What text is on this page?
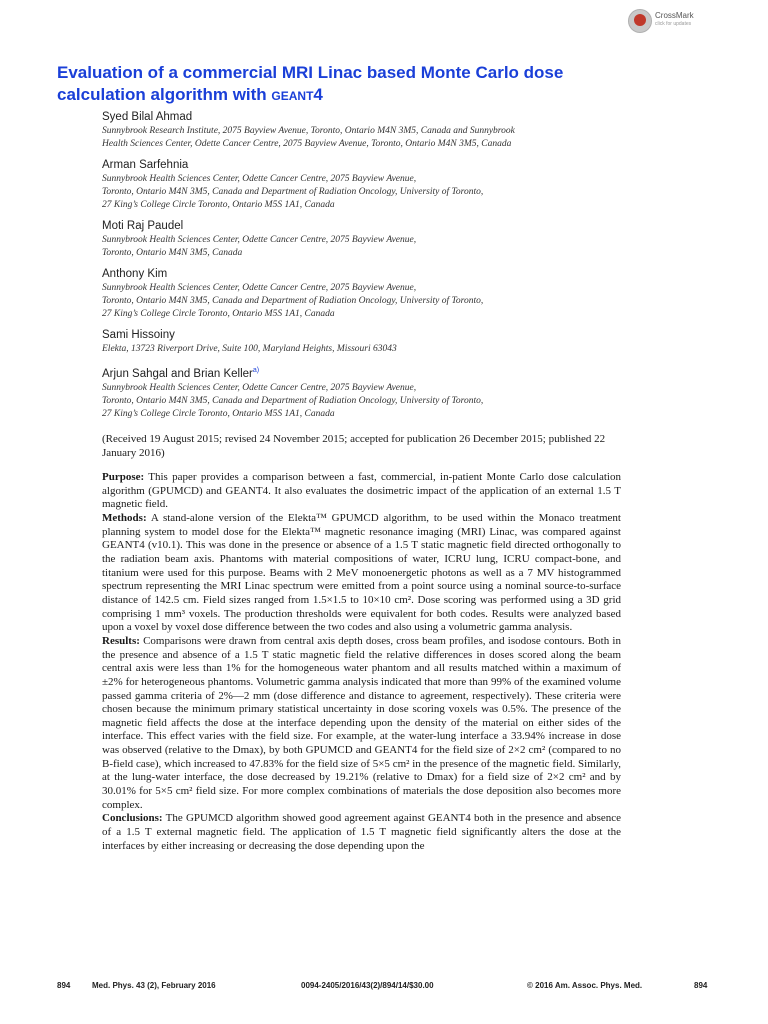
CrossMark
click for updates
Evaluation of a commercial MRI Linac based Monte Carlo dose
calculation algorithm with geant4
Syed Bilal Ahmad
Sunnybrook Research Institute, 2075 Bayview Avenue, Toronto, Ontario M4N 3M5, Canada and Sunnybrook
Health Sciences Center, Odette Cancer Centre, 2075 Bayview Avenue, Toronto, Ontario M4N 3M5, Canada
Arman Sarfehnia
Sunnybrook Health Sciences Center, Odette Cancer Centre, 2075 Bayview Avenue,
Toronto, Ontario M4N 3M5, Canada and Department of Radiation Oncology, University of Toronto,
27 King’s College Circle Toronto, Ontario M5S 1A1, Canada
Moti Raj Paudel
Sunnybrook Health Sciences Center, Odette Cancer Centre, 2075 Bayview Avenue,
Toronto, Ontario M4N 3M5, Canada
Anthony Kim
Sunnybrook Health Sciences Center, Odette Cancer Centre, 2075 Bayview Avenue,
Toronto, Ontario M4N 3M5, Canada and Department of Radiation Oncology, University of Toronto,
27 King’s College Circle Toronto, Ontario M5S 1A1, Canada
Sami Hissoiny
Elekta, 13723 Riverport Drive, Suite 100, Maryland Heights, Missouri 63043
Arjun Sahgal and Brian Keller$^{a)}$
Sunnybrook Health Sciences Center, Odette Cancer Centre, 2075 Bayview Avenue,
Toronto, Ontario M4N 3M5, Canada and Department of Radiation Oncology, University of Toronto,
27 King’s College Circle Toronto, Ontario M5S 1A1, Canada
(Received 19 August 2015; revised 24 November 2015; accepted for publication 26 December 2015; published 22 January 2016)

Purpose: This paper provides a comparison between a fast, commercial, in-patient Monte Carlo dose calculation algorithm (GPUMCD) and GEANT4. It also evaluates the dosimetric impact of the application of an external 1.5 T magnetic field.

Methods: A stand-alone version of the Elekta™ GPUMCD algorithm, to be used within the Monaco treatment planning system to model dose for the Elekta™ magnetic resonance imaging (MRI) Linac, was compared against GEANT4 (v10.1). This was done in the presence or absence of a 1.5 T static magnetic field directed orthogonally to the radiation beam axis. Phantoms with material compositions of water, ICRU lung, ICRU compact-bone, and titanium were used for this purpose. Beams with 2 MeV monoenergetic photons as well as a 7 MV histogrammed spectrum representing the MRI Linac spectrum were emitted from a point source using a nominal source-to-surface distance of 142.5 cm. Field sizes ranged from 1.5×1.5 to 10×10 cm². Dose scoring was performed using a 3D grid comprising 1 mm³ voxels. The production thresholds were equivalent for both codes. Results were analyzed based upon a voxel by voxel dose difference between the two codes and also using a volumetric gamma analysis.

Results: Comparisons were drawn from central axis depth doses, cross beam profiles, and isodose contours. Both in the presence and absence of a 1.5 T static magnetic field the relative differences in doses scored along the beam central axis were less than 1% for the homogeneous water phantom and all results matched within a maximum of ±2% for heterogeneous phantoms. Volumetric gamma analysis indicated that more than 99% of the examined volume passed gamma criteria of 2%—2 mm (dose difference and distance to agreement, respectively). These criteria were chosen because the minimum primary statistical uncertainty in dose scoring voxels was 0.5%. The presence of the magnetic field affects the dose at the interface depending upon the density of the material on either sides of the interface. This effect varies with the field size. For example, at the water-lung interface a 33.94% increase in dose was observed (relative to the Dmax), by both GPUMCD and GEANT4 for the field size of 2×2 cm² (compared to no B-field case), which increased to 47.83% for the field size of 5×5 cm² in the presence of the magnetic field. Similarly, at the lung-water interface, the dose decreased by 19.21% (relative to Dmax) for a field size of 2×2 cm² and by 30.01% for 5×5 cm² field size. For more complex combinations of materials the dose deposition also becomes more complex.

Conclusions: The GPUMCD algorithm showed good agreement against GEANT4 both in the presence and absence of a 1.5 T external magnetic field. The application of 1.5 T magnetic field significantly alters the dose at the interfaces by either increasing or decreasing the dose depending upon the

894	Med. Phys. 43 (2), February 2016	0094-2405/2016/43(2)/894/14/$30.00	© 2016 Am. Assoc. Phys. Med.	894
